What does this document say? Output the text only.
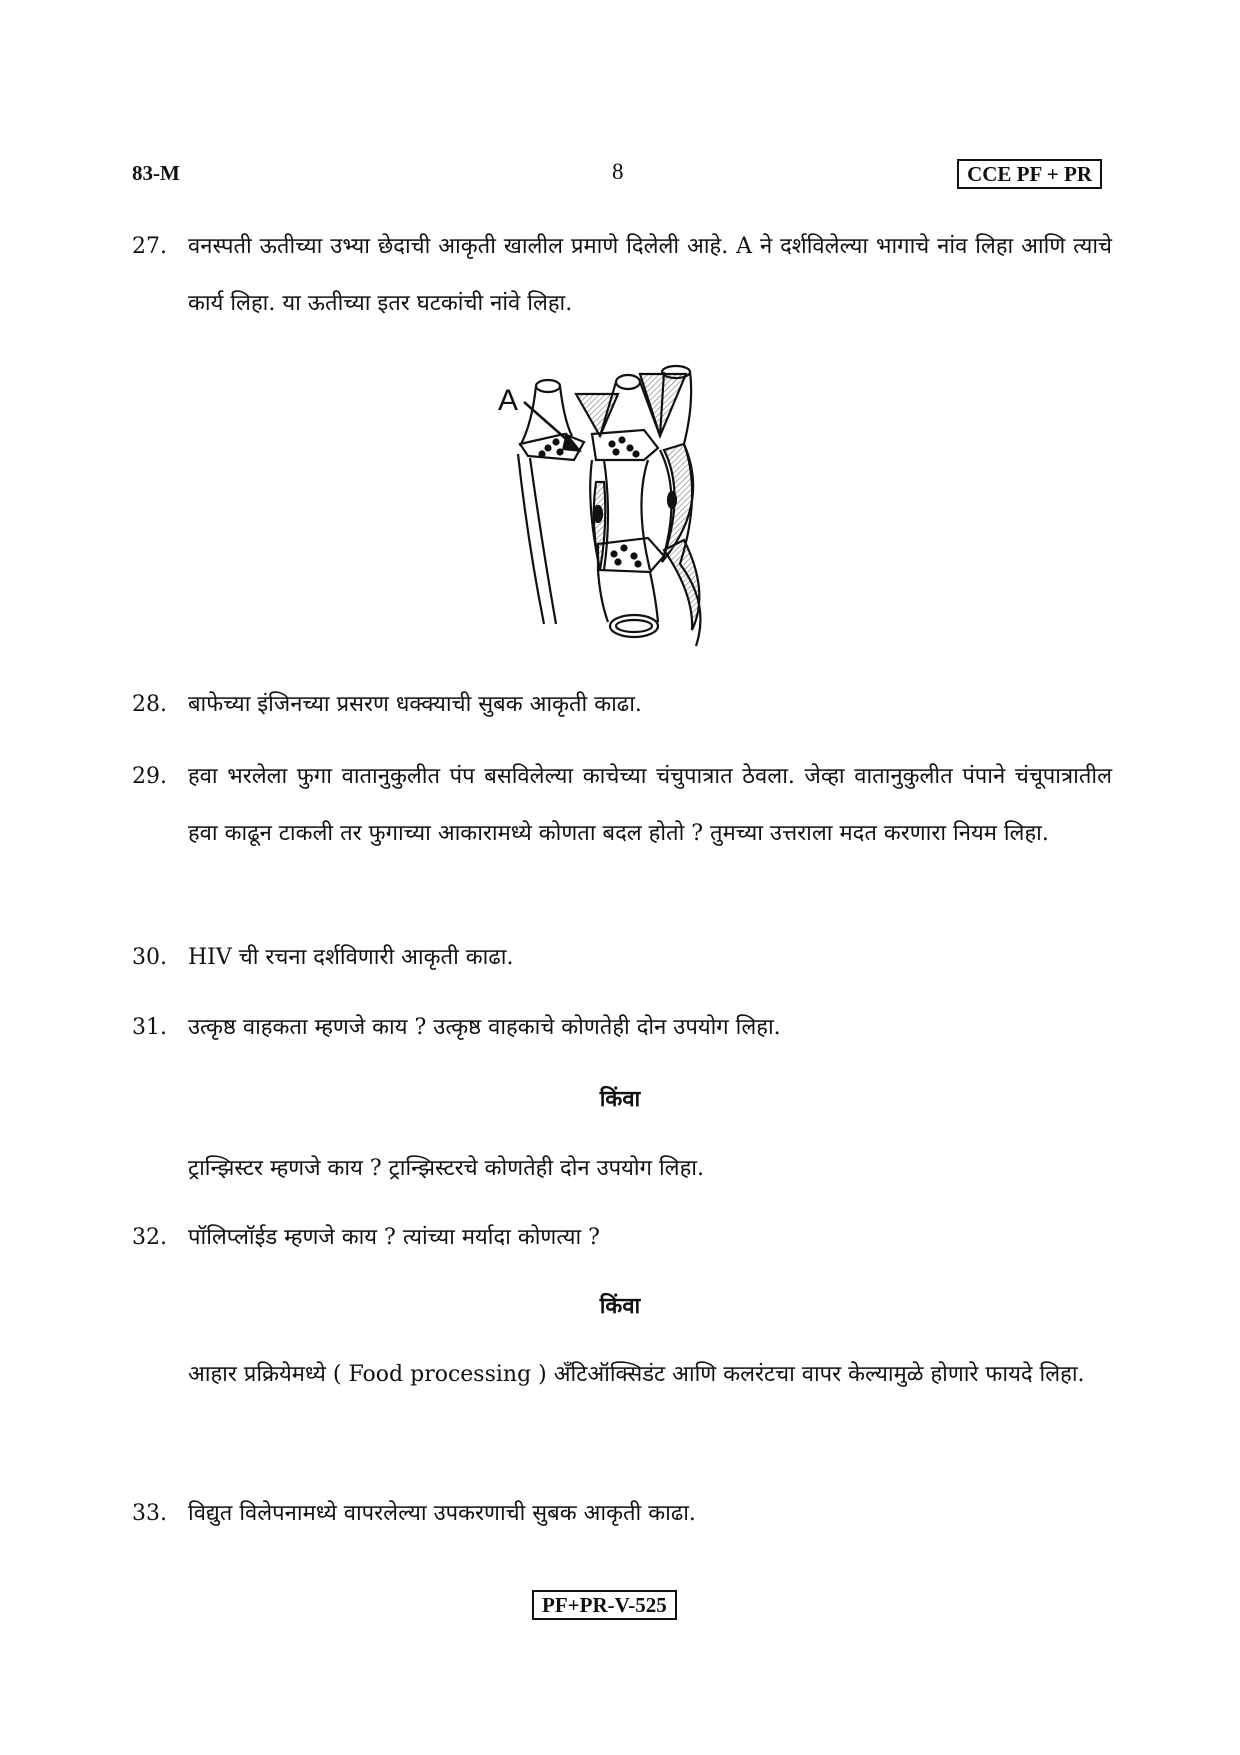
83-M	8	CCE PF + PR
27. वनस्पती ऊतीच्या उभ्या छेदाची आकृती खालील प्रमाणे दिलेली आहे. A ने दर्शविलेल्या भागाचे नांव लिहा आणि त्याचे कार्य लिहा. या ऊतीच्या इतर घटकांची नांवे लिहा.
A
28. बाफेच्या इंजिनच्या प्रसरण धक्क्याची सुबक आकृती काढा.
29. हवा भरलेला फुगा वातानुकुलीत पंप बसविलेल्या काचेच्या चंचुपात्रात ठेवला. जेव्हा वातानुकुलीत पंपाने चंचूपात्रातील हवा काढून टाकली तर फुगाच्या आकारामध्ये कोणता बदल होतो ? तुमच्या उत्तराला मदत करणारा नियम लिहा.
30. HIV ची रचना दर्शविणारी आकृती काढा.
31. उत्कृष्ठ वाहकता म्हणजे काय ? उत्कृष्ठ वाहकाचे कोणतेही दोन उपयोग लिहा.
किंवा
ट्रान्झिस्टर म्हणजे काय ? ट्रान्झिस्टरचे कोणतेही दोन उपयोग लिहा.
32. पॉलिप्लॉईड म्हणजे काय ? त्यांच्या मर्यादा कोणत्या ?
किंवा
आहार प्रक्रियेमध्ये ( Food processing ) अँटिऑक्सिडंट आणि कलरंटचा वापर केल्यामुळे होणारे फायदे लिहा.
33. विद्युत विलेपनामध्ये वापरलेल्या उपकरणाची सुबक आकृती काढा.
PF+PR-V-525
